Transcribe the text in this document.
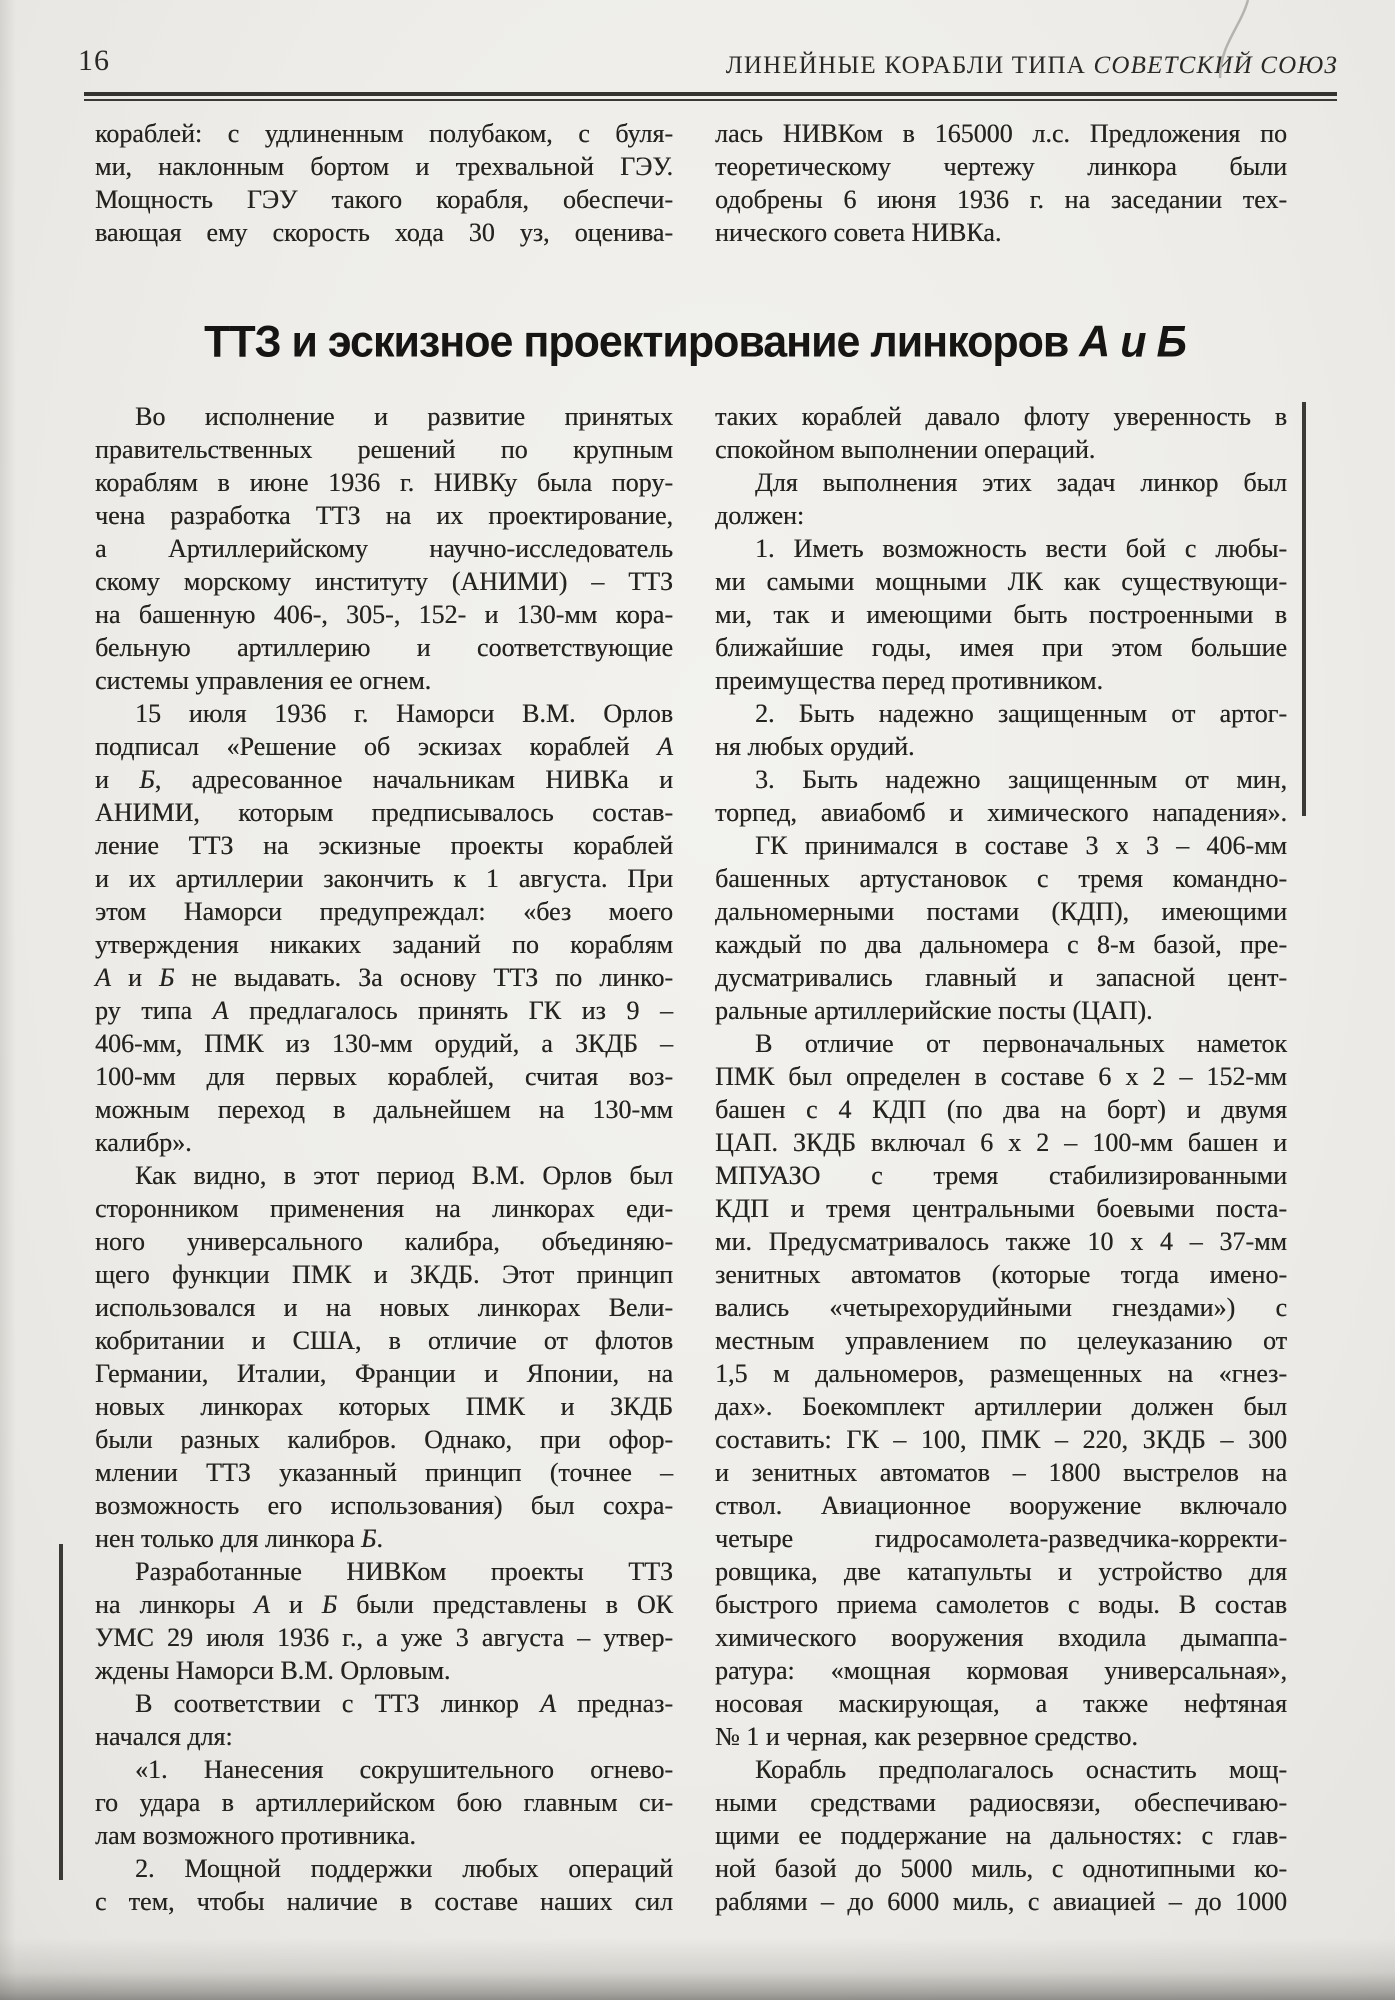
16	ЛИНЕЙНЫЕ КОРАБЛИ ТИПА СОВЕТСКИЙ СОЮЗ
кораблей: с удлиненным полубаком, с буля-
ми, наклонным бортом и трехвальной ГЭУ.
Мощность ГЭУ такого корабля, обеспечи-
вающая ему скорость хода 30 уз, оценива-
лась НИВКом в 165000 л.с. Предложения по
теоретическому чертежу линкора были
одобрены 6 июня 1936 г. на заседании тех-
нического совета НИВКа.
ТТЗ и эскизное проектирование линкоров А и Б
Во исполнение и развитие принятых
правительственных решений по крупным
кораблям в июне 1936 г. НИВКу была пору-
чена разработка ТТЗ на их проектирование,
а Артиллерийскому научно-исследователь
скому морскому институту (АНИМИ) – ТТЗ
на башенную 406-, 305-, 152- и 130-мм кора-
бельную артиллерию и соответствующие
системы управления ее огнем.
15 июля 1936 г. Наморси В.М. Орлов
подписал «Решение об эскизах кораблей А
и Б, адресованное начальникам НИВКа и
АНИМИ, которым предписывалось состав-
ление ТТЗ на эскизные проекты кораблей
и их артиллерии закончить к 1 августа. При
этом Наморси предупреждал: «без моего
утверждения никаких заданий по кораблям
А и Б не выдавать. За основу ТТЗ по линко-
ру типа А предлагалось принять ГК из 9 –
406-мм, ПМК из 130-мм орудий, а ЗКДБ –
100-мм для первых кораблей, считая воз-
можным переход в дальнейшем на 130-мм
калибр».
Как видно, в этот период В.М. Орлов был
сторонником применения на линкорах еди-
ного универсального калибра, объединяю-
щего функции ПМК и ЗКДБ. Этот принцип
использовался и на новых линкорах Вели-
кобритании и США, в отличие от флотов
Германии, Италии, Франции и Японии, на
новых линкорах которых ПМК и ЗКДБ
были разных калибров. Однако, при офор-
млении ТТЗ указанный принцип (точнее –
возможность его использования) был сохра-
нен только для линкора Б.
Разработанные НИВКом проекты ТТЗ
на линкоры А и Б были представлены в ОК
УМС 29 июля 1936 г., а уже 3 августа – утвер-
ждены Наморси В.М. Орловым.
В соответствии с ТТЗ линкор А предназ-
начался для:
«1. Нанесения сокрушительного огнево-
го удара в артиллерийском бою главным си-
лам возможного противника.
2. Мощной поддержки любых операций
с тем, чтобы наличие в составе наших сил
таких кораблей давало флоту уверенность в
спокойном выполнении операций.
Для выполнения этих задач линкор был
должен:
1. Иметь возможность вести бой с любы-
ми самыми мощными ЛК как существующи-
ми, так и имеющими быть построенными в
ближайшие годы, имея при этом большие
преимущества перед противником.
2. Быть надежно защищенным от артог-
ня любых орудий.
3. Быть надежно защищенным от мин,
торпед, авиабомб и химического нападения».
ГК принимался в составе 3 х 3 – 406-мм
башенных артустановок с тремя командно-
дальномерными постами (КДП), имеющими
каждый по два дальномера с 8-м базой, пре-
дусматривались главный и запасной цент-
ральные артиллерийские посты (ЦАП).
В отличие от первоначальных наметок
ПМК был определен в составе 6 х 2 – 152-мм
башен с 4 КДП (по два на борт) и двумя
ЦАП. ЗКДБ включал 6 х 2 – 100-мм башен и
МПУАЗО с тремя стабилизированными
КДП и тремя центральными боевыми поста-
ми. Предусматривалось также 10 х 4 – 37-мм
зенитных автоматов (которые тогда имено-
вались «четырехорудийными гнездами») с
местным управлением по целеуказанию от
1,5 м дальномеров, размещенных на «гнез-
дах». Боекомплект артиллерии должен был
составить: ГК – 100, ПМК – 220, ЗКДБ – 300
и зенитных автоматов – 1800 выстрелов на
ствол. Авиационное вооружение включало
четыре гидросамолета-разведчика-корректи-
ровщика, две катапульты и устройство для
быстрого приема самолетов с воды. В состав
химического вооружения входила дымаппа-
ратура: «мощная кормовая универсальная»,
носовая маскирующая, а также нефтяная
№ 1 и черная, как резервное средство.
Корабль предполагалось оснастить мощ-
ными средствами радиосвязи, обеспечиваю-
щими ее поддержание на дальностях: с глав-
ной базой до 5000 миль, с однотипными ко-
раблями – до 6000 миль, с авиацией – до 1000
